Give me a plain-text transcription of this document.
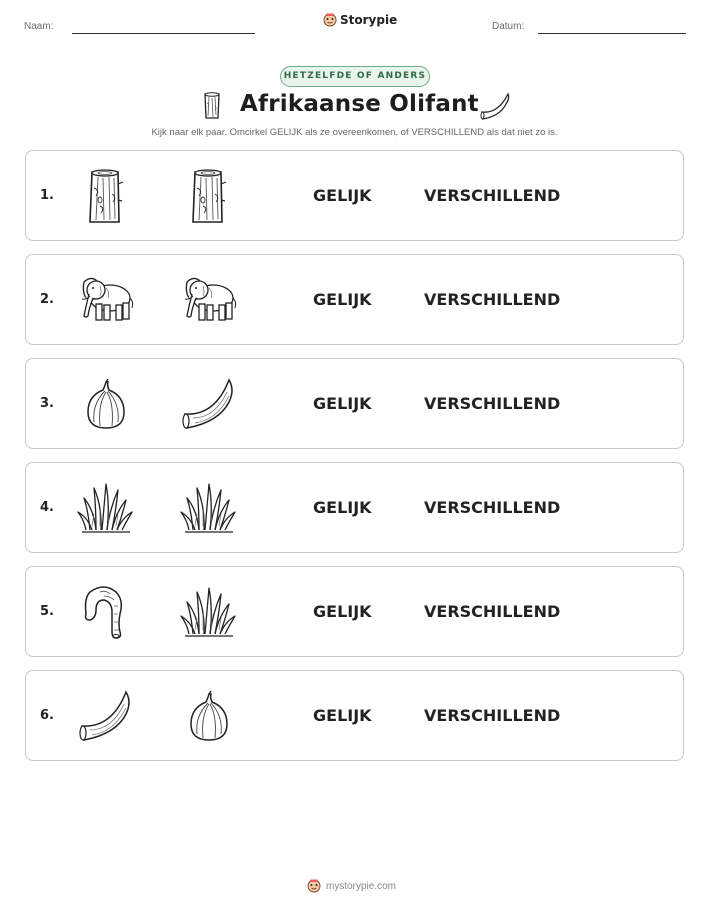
Naam:	Storypie	Datum:
HETZELFDE OF ANDERS
Afrikaanse Olifant
Kijk naar elk paar. Omcirkel GELIJK als ze overeenkomen, of VERSCHILLEND als dat niet zo is.
1.	GELIJK	VERSCHILLEND
2.	GELIJK	VERSCHILLEND
3.	GELIJK	VERSCHILLEND
4.	GELIJK	VERSCHILLEND
5.	GELIJK	VERSCHILLEND
6.	GELIJK	VERSCHILLEND
mystorypie.com
